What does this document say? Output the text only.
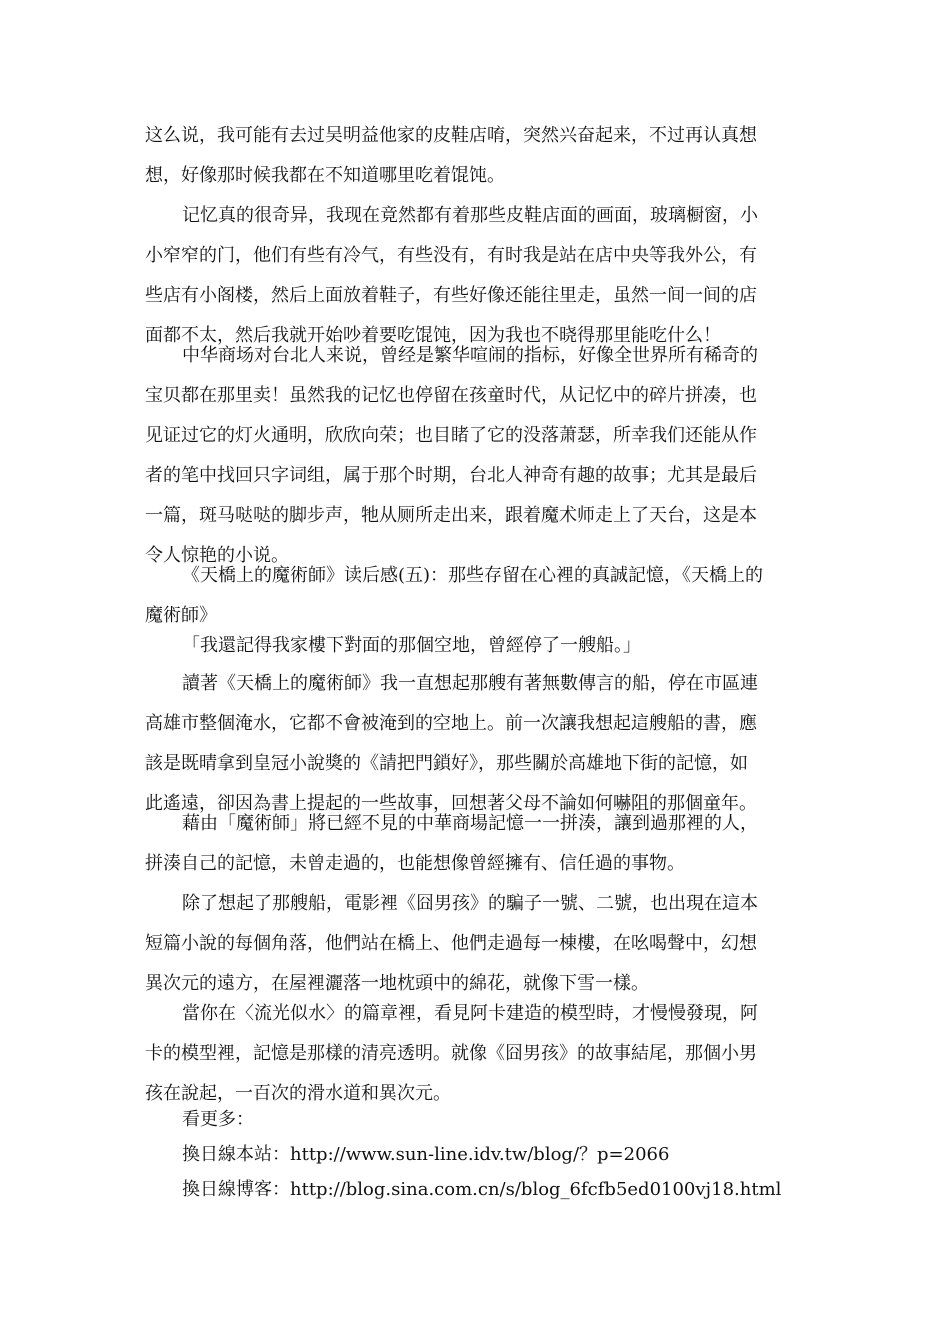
这么说，我可能有去过吴明益他家的皮鞋店唷，突然兴奋起来，不过再认真想
想，好像那时候我都在不知道哪里吃着馄饨。
记忆真的很奇异，我现在竟然都有着那些皮鞋店面的画面，玻璃橱窗，小
小窄窄的门，他们有些有冷气，有些没有，有时我是站在店中央等我外公，有
些店有小阁楼，然后上面放着鞋子，有些好像还能往里走，虽然一间一间的店
面都不太，然后我就开始吵着要吃馄饨，因为我也不晓得那里能吃什么！
中华商场对台北人来说，曾经是繁华喧闹的指标，好像全世界所有稀奇的
宝贝都在那里卖！虽然我的记忆也停留在孩童时代，从记忆中的碎片拼凑，也
见证过它的灯火通明，欣欣向荣；也目睹了它的没落萧瑟，所幸我们还能从作
者的笔中找回只字词组，属于那个时期，台北人神奇有趣的故事；尤其是最后
一篇，斑马哒哒的脚步声，牠从厕所走出来，跟着魔术师走上了天台，这是本
令人惊艳的小说。
《天橋上的魔術師》读后感(五)：那些存留在心裡的真誠記憶，《天橋上的
魔術師》
「我還記得我家樓下對面的那個空地，曾經停了一艘船。」
讀著《天橋上的魔術師》我一直想起那艘有著無數傳言的船，停在市區連
高雄市整個淹水，它都不會被淹到的空地上。前一次讓我想起這艘船的書，應
該是既晴拿到皇冠小說獎的《請把門鎖好》，那些關於高雄地下街的記憶，如
此遙遠，卻因為書上提起的一些故事，回想著父母不論如何嚇阻的那個童年。
藉由「魔術師」將已經不見的中華商場記憶一一拼湊，讓到過那裡的人，
拼湊自己的記憶，未曾走過的，也能想像曾經擁有、信任過的事物。
除了想起了那艘船，電影裡《囧男孩》的騙子一號、二號，也出現在這本
短篇小說的每個角落，他們站在橋上、他們走過每一棟樓，在吆喝聲中，幻想
異次元的遠方，在屋裡灑落一地枕頭中的綿花，就像下雪一樣。
當你在〈流光似水〉的篇章裡，看見阿卡建造的模型時，才慢慢發現，阿
卡的模型裡，記憶是那樣的清亮透明。就像《囧男孩》的故事結尾，那個小男
孩在說起，一百次的滑水道和異次元。
看更多：
換日線本站：http://www.sun-line.idv.tw/blog/？p=2066
換日線博客：http://blog.sina.com.cn/s/blog_6fcfb5ed0100vj18.html
